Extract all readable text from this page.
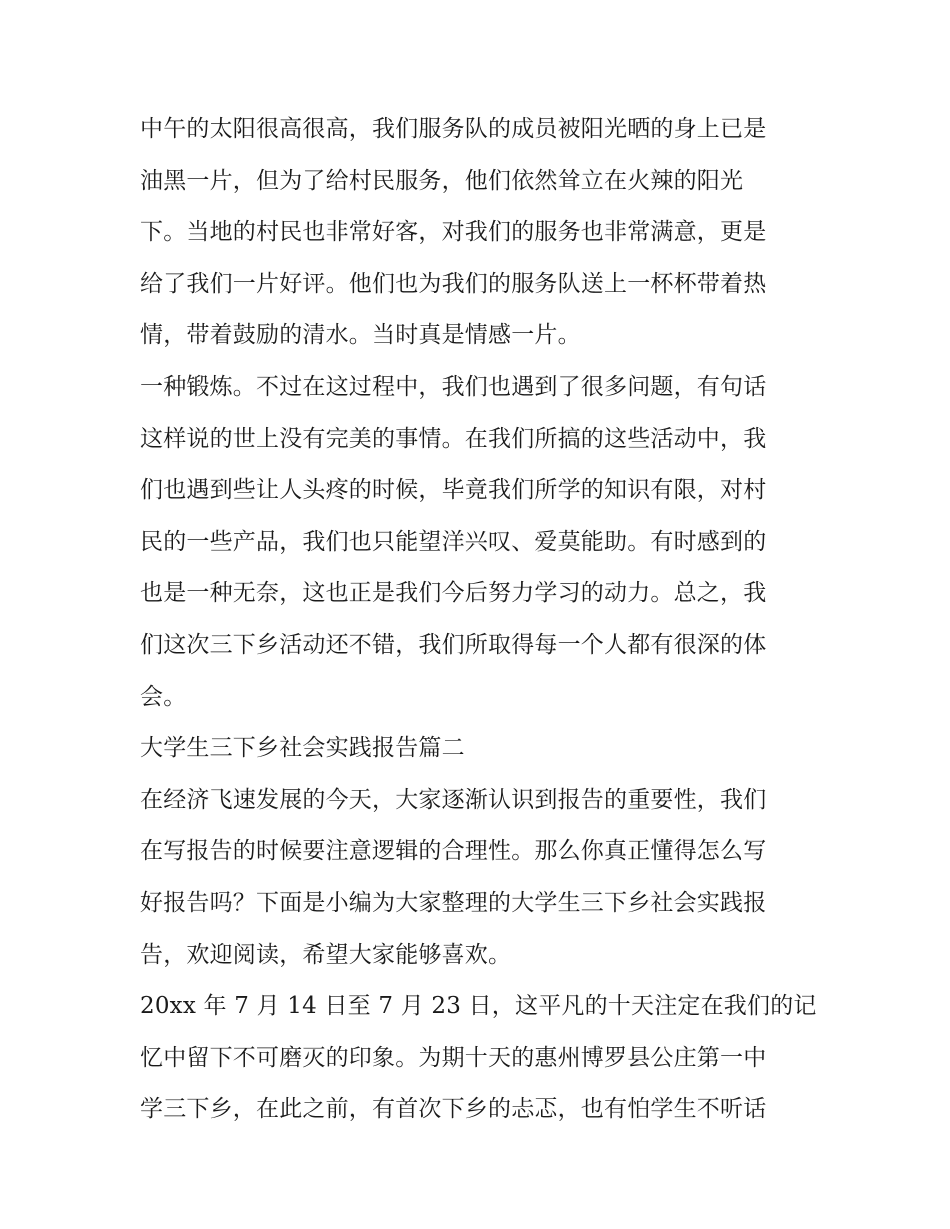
中午的太阳很高很高，我们服务队的成员被阳光晒的身上已是
油黑一片，但为了给村民服务，他们依然耸立在火辣的阳光
下。当地的村民也非常好客，对我们的服务也非常满意，更是
给了我们一片好评。他们也为我们的服务队送上一杯杯带着热
情，带着鼓励的清水。当时真是情感一片。
一种锻炼。不过在这过程中，我们也遇到了很多问题，有句话
这样说的世上没有完美的事情。在我们所搞的这些活动中，我
们也遇到些让人头疼的时候，毕竟我们所学的知识有限，对村
民的一些产品，我们也只能望洋兴叹、爱莫能助。有时感到的
也是一种无奈，这也正是我们今后努力学习的动力。总之，我
们这次三下乡活动还不错，我们所取得每一个人都有很深的体
会。
大学生三下乡社会实践报告篇二
在经济飞速发展的今天，大家逐渐认识到报告的重要性，我们
在写报告的时候要注意逻辑的合理性。那么你真正懂得怎么写
好报告吗？下面是小编为大家整理的大学生三下乡社会实践报
告，欢迎阅读，希望大家能够喜欢。
20xx 年 7 月 14 日至 7 月 23 日，这平凡的十天注定在我们的记
忆中留下不可磨灭的印象。为期十天的惠州博罗县公庄第一中
学三下乡，在此之前，有首次下乡的忐忑，也有怕学生不听话
